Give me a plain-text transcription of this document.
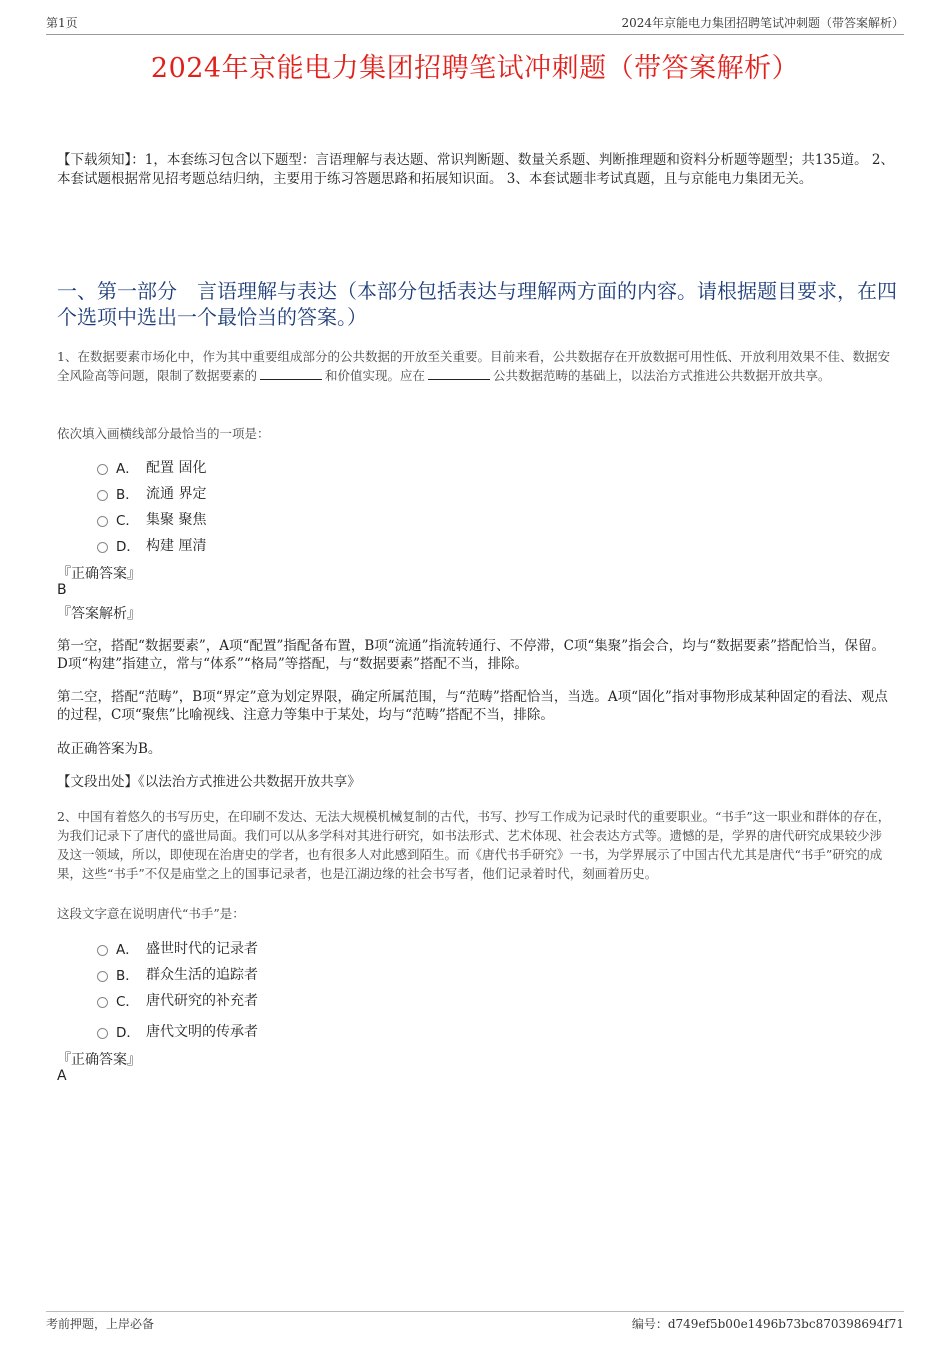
第1页	2024年京能电力集团招聘笔试冲刺题（带答案解析）
2024年京能电力集团招聘笔试冲刺题（带答案解析）
【下载须知】：1，本套练习包含以下题型：言语理解与表达题、常识判断题、数量关系题、判断推理题和资料分析题等题型；共135道。 2、本套试题根据常见招考题总结归纳，主要用于练习答题思路和拓展知识面。 3、本套试题非考试真题，且与京能电力集团无关。
一、第一部分　言语理解与表达（本部分包括表达与理解两方面的内容。请根据题目要求，在四个选项中选出一个最恰当的答案。）
1、在数据要素市场化中，作为其中重要组成部分的公共数据的开放至关重要。目前来看，公共数据存在开放数据可用性低、开放利用效果不佳、数据安全风险高等问题，限制了数据要素的	和价值实现。应在	公共数据范畴的基础上，以法治方式推进公共数据开放共享。
依次填入画横线部分最恰当的一项是：
A． 配置 固化
B． 流通 界定
C． 集聚 聚焦
D． 构建 厘清
『正确答案』
B
『答案解析』
第一空，搭配“数据要素”，A项“配置”指配备布置，B项“流通”指流转通行、不停滞，C项“集聚”指会合，均与“数据要素”搭配恰当，保留。D项“构建”指建立，常与“体系”“格局”等搭配，与“数据要素”搭配不当，排除。
第二空，搭配“范畴”，B项“界定”意为划定界限，确定所属范围，与“范畴”搭配恰当，当选。A项“固化”指对事物形成某种固定的看法、观点的过程，C项“聚焦”比喻视线、注意力等集中于某处，均与“范畴”搭配不当，排除。
故正确答案为B。
【文段出处】《以法治方式推进公共数据开放共享》
2、中国有着悠久的书写历史，在印刷不发达、无法大规模机械复制的古代，书写、抄写工作成为记录时代的重要职业。“书手”这一职业和群体的存在，为我们记录下了唐代的盛世局面。我们可以从多学科对其进行研究，如书法形式、艺术体现、社会表达方式等。遗憾的是，学界的唐代研究成果较少涉及这一领域，所以，即使现在治唐史的学者，也有很多人对此感到陌生。而《唐代书手研究》一书，为学界展示了中国古代尤其是唐代“书手”研究的成果，这些“书手”不仅是庙堂之上的国事记录者，也是江湖边缘的社会书写者，他们记录着时代，刻画着历史。
这段文字意在说明唐代“书手”是：
A． 盛世时代的记录者
B． 群众生活的追踪者
C． 唐代研究的补充者
D． 唐代文明的传承者
『正确答案』
A
考前押题，上岸必备	编号：d749ef5b00e1496b73bc870398694f71
